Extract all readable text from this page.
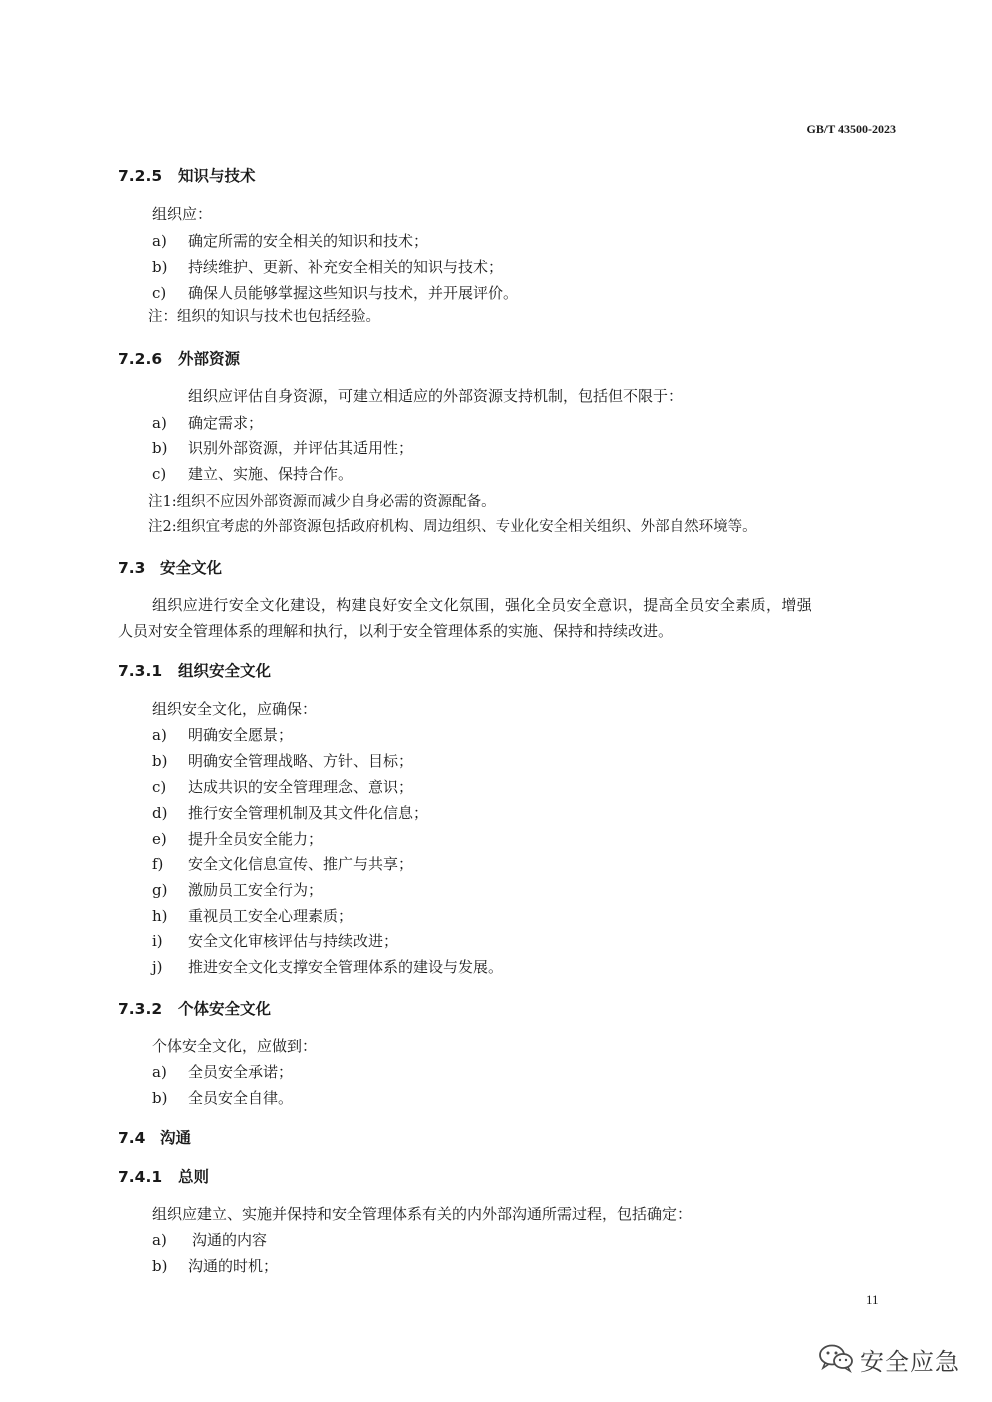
GB/T 43500-2023
7.2.5 知识与技术
组织应：
a) 确定所需的安全相关的知识和技术；
b) 持续维护、更新、补充安全相关的知识与技术；
c) 确保人员能够掌握这些知识与技术，并开展评价。
注：组织的知识与技术也包括经验。
7.2.6 外部资源
组织应评估自身资源，可建立相适应的外部资源支持机制，包括但不限于：
a) 确定需求；
b) 识别外部资源，并评估其适用性；
c) 建立、实施、保持合作。
注1:组织不应因外部资源而减少自身必需的资源配备。
注2:组织宜考虑的外部资源包括政府机构、周边组织、专业化安全相关组织、外部自然环境等。
7.3 安全文化
组织应进行安全文化建设，构建良好安全文化氛围，强化全员安全意识，提高全员安全素质，增强
人员对安全管理体系的理解和执行，以利于安全管理体系的实施、保持和持续改进。
7.3.1 组织安全文化
组织安全文化，应确保：
a) 明确安全愿景；
b) 明确安全管理战略、方针、目标；
c) 达成共识的安全管理理念、意识；
d) 推行安全管理机制及其文件化信息；
e) 提升全员安全能力；
f) 安全文化信息宣传、推广与共享；
g) 激励员工安全行为；
h) 重视员工安全心理素质；
i) 安全文化审核评估与持续改进；
j) 推进安全文化支撑安全管理体系的建设与发展。
7.3.2 个体安全文化
个体安全文化，应做到：
a) 全员安全承诺；
b) 全员安全自律。
7.4 沟通
7.4.1 总则
组织应建立、实施并保持和安全管理体系有关的内外部沟通所需过程，包括确定：
a) 沟通的内容
b) 沟通的时机；
11
安全应急
